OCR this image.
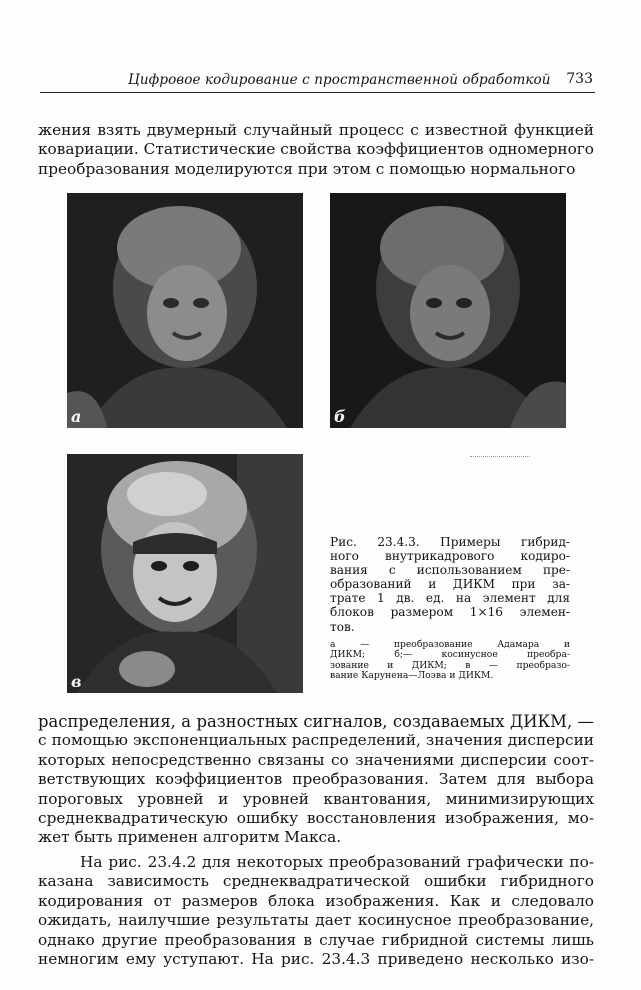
Цифровое кодирование с пространственной обработкой 733

жения взять двумерный случайный процесс с известной функцией
ковариации. Статистические свойства коэффициентов одномерного
преобразования моделируются при этом с помощью нормального

а	б
в

Рис. 23.4.3. Примеры гибрид-
ного внутрикадрового кодиро-
вания с использованием пре-
образований и ДИКМ при за-
трате 1 дв. ед. на элемент для
блоков размером 1×16 элемен-
тов.

а — преобразование Адамара и
ДИКМ; б;— косинусное преобра-
зование и ДИКМ; в — преобразо-
вание Карунена—Лоэва и ДИКМ.

распределения, а разностных сигналов, создаваемых ДИКМ, —
с помощью экспоненциальных распределений, значения дисперсии
которых непосредственно связаны со значениями дисперсии соот-
ветствующих коэффициентов преобразования. Затем для выбора
пороговых уровней и уровней квантования, минимизирующих
среднеквадратическую ошибку восстановления изображения, мо-
жет быть применен алгоритм Макса.

На рис. 23.4.2 для некоторых преобразований графически по-
казана зависимость среднеквадратической ошибки гибридного
кодирования от размеров блока изображения. Как и следовало
ожидать, наилучшие результаты дает косинусное преобразование,
однако другие преобразования в случае гибридной системы лишь
немногим ему уступают. На рис. 23.4.3 приведено несколько изо-
